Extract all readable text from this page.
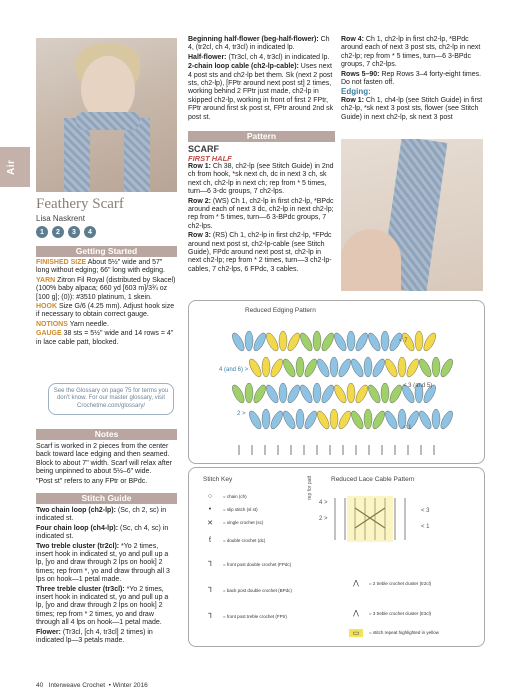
Air
Feathery Scarf
Lisa Naskrent
1	2	3	4
Getting Started

FINISHED SIZE About 5½" wide and 57" long without edging; 66" long with edging.

YARN Zitron Fil Royal (distributed by Skacel) (100% baby alpaca; 660 yd [603 m]/3¾ oz [100 g]; (0)): #3510 platinum, 1 skein.

HOOK Size G/6 (4.25 mm). Adjust hook size if necessary to obtain correct gauge.

NOTIONS Yarn needle.

GAUGE 38 sts = 5½" wide and 14 rows = 4" in lace cable patt, blocked.

See the Glossary on page 75 for terms you don't know. For our master glossary, visit Crochetme.com/glossary/
Notes

Scarf is worked in 2 pieces from the center back toward lace edging and then seamed. Block to about 7" width. Scarf will relax after being unpinned to about 5½–6" wide.

"Post st" refers to any FPtr or BPdc.

Stitch Guide

Two chain loop (ch2-lp): (Sc, ch 2, sc) in indicated st.

Four chain loop (ch4-lp): (Sc, ch 4, sc) in indicated st.

Two treble cluster (tr2cl): *Yo 2 times, insert hook in indicated st, yo and pull up a lp, [yo and draw through 2 lps on hook] 2 times; rep from *, yo and draw through all 3 lps on hook—1 petal made.

Three treble cluster (tr3cl): *Yo 2 times, insert hook in indicated st, yo and pull up a lp, [yo and draw through 2 lps on hook] 2 times; rep from * 2 times, yo and draw through all 4 lps on hook—1 petal made.

Flower: (Tr3cl, [ch 4, tr3cl] 2 times) in indicated lp—3 petals made.

Beginning half-flower (beg-half-flower): Ch 4, (tr2cl, ch 4, tr3cl) in indicated lp.

Half-flower: (Tr3cl, ch 4, tr3cl) in indicated lp.

2-chain loop cable (ch2-lp-cable): Uses next 4 post sts and ch2-lp bet them. Sk (next 2 post sts, ch2-lp), [FPtr around next post st] 2 times, working behind 2 FPtr just made, ch2-lp in skipped ch2-lp, working in front of first 2 FPtr, FPtr around first sk post st, FPtr around 2nd sk post st.

Pattern
SCARF
FIRST HALF

Row 1: Ch 38, ch2-lp (see Stitch Guide) in 2nd ch from hook, *sk next ch, dc in next 3 ch, sk next ch, ch2-lp in next ch; rep from * 5 times, turn—6 3-dc groups, 7 ch2-lps.

Row 2: (WS) Ch 1, ch2-lp in first ch2-lp, *BPdc around each of next 3 dc, ch2-lp in next ch2-lp; rep from * 5 times, turn—6 3-BPdc groups, 7 ch2-lps.

Row 3: (RS) Ch 1, ch2-lp in first ch2-lp, *FPdc around next post st, ch2-lp-cable (see Stitch Guide), FPdc around next post st, ch2-lp in next ch2-lp; rep from * 2 times, turn—3 ch2-lp- cables, 7 ch2-lps, 6 FPdc, 3 cables.

Row 4: Ch 1, ch2-lp in first ch2-lp, *BPdc around each of next 3 post sts, ch2-lp in next ch2-lp; rep from * 5 times, turn—6 3-BPdc groups, 7 ch2-lps.

Rows 5–90: Rep Rows 3–4 forty-eight times. Do not fasten off.

Edging:

Row 1: Ch 1, ch4-lp (see Stitch Guide) in first ch2-lp, *sk next 3 post sts, flower (see Stitch Guide) in next ch2-lp, sk next 3 post

Reduced Edging Pattern
< 7
4 (and 6) >
< 3 (and 5)
2 >
< 1
Stitch Key	Reduced Lace Cable Pattern
○	= chain (ch)
•	= slip stitch (sl st)
✕	= single crochet (sc)
ƭ	= double crochet (dc)
Ꞁ	= front post double crochet (FPdc)
Ꞁ	= back post double crochet (BPdc)
Ꞁ	= front post treble crochet (FPtr)
rep for patt
4 >
< 3
2 >
< 1
⋀	= 2 treble crochet cluster (tr2cl)
⋀	= 3 treble crochet cluster (tr3cl)
▭	= stitch repeat highlighted in yellow
40 Interweave Crochet  • Winter 2016
